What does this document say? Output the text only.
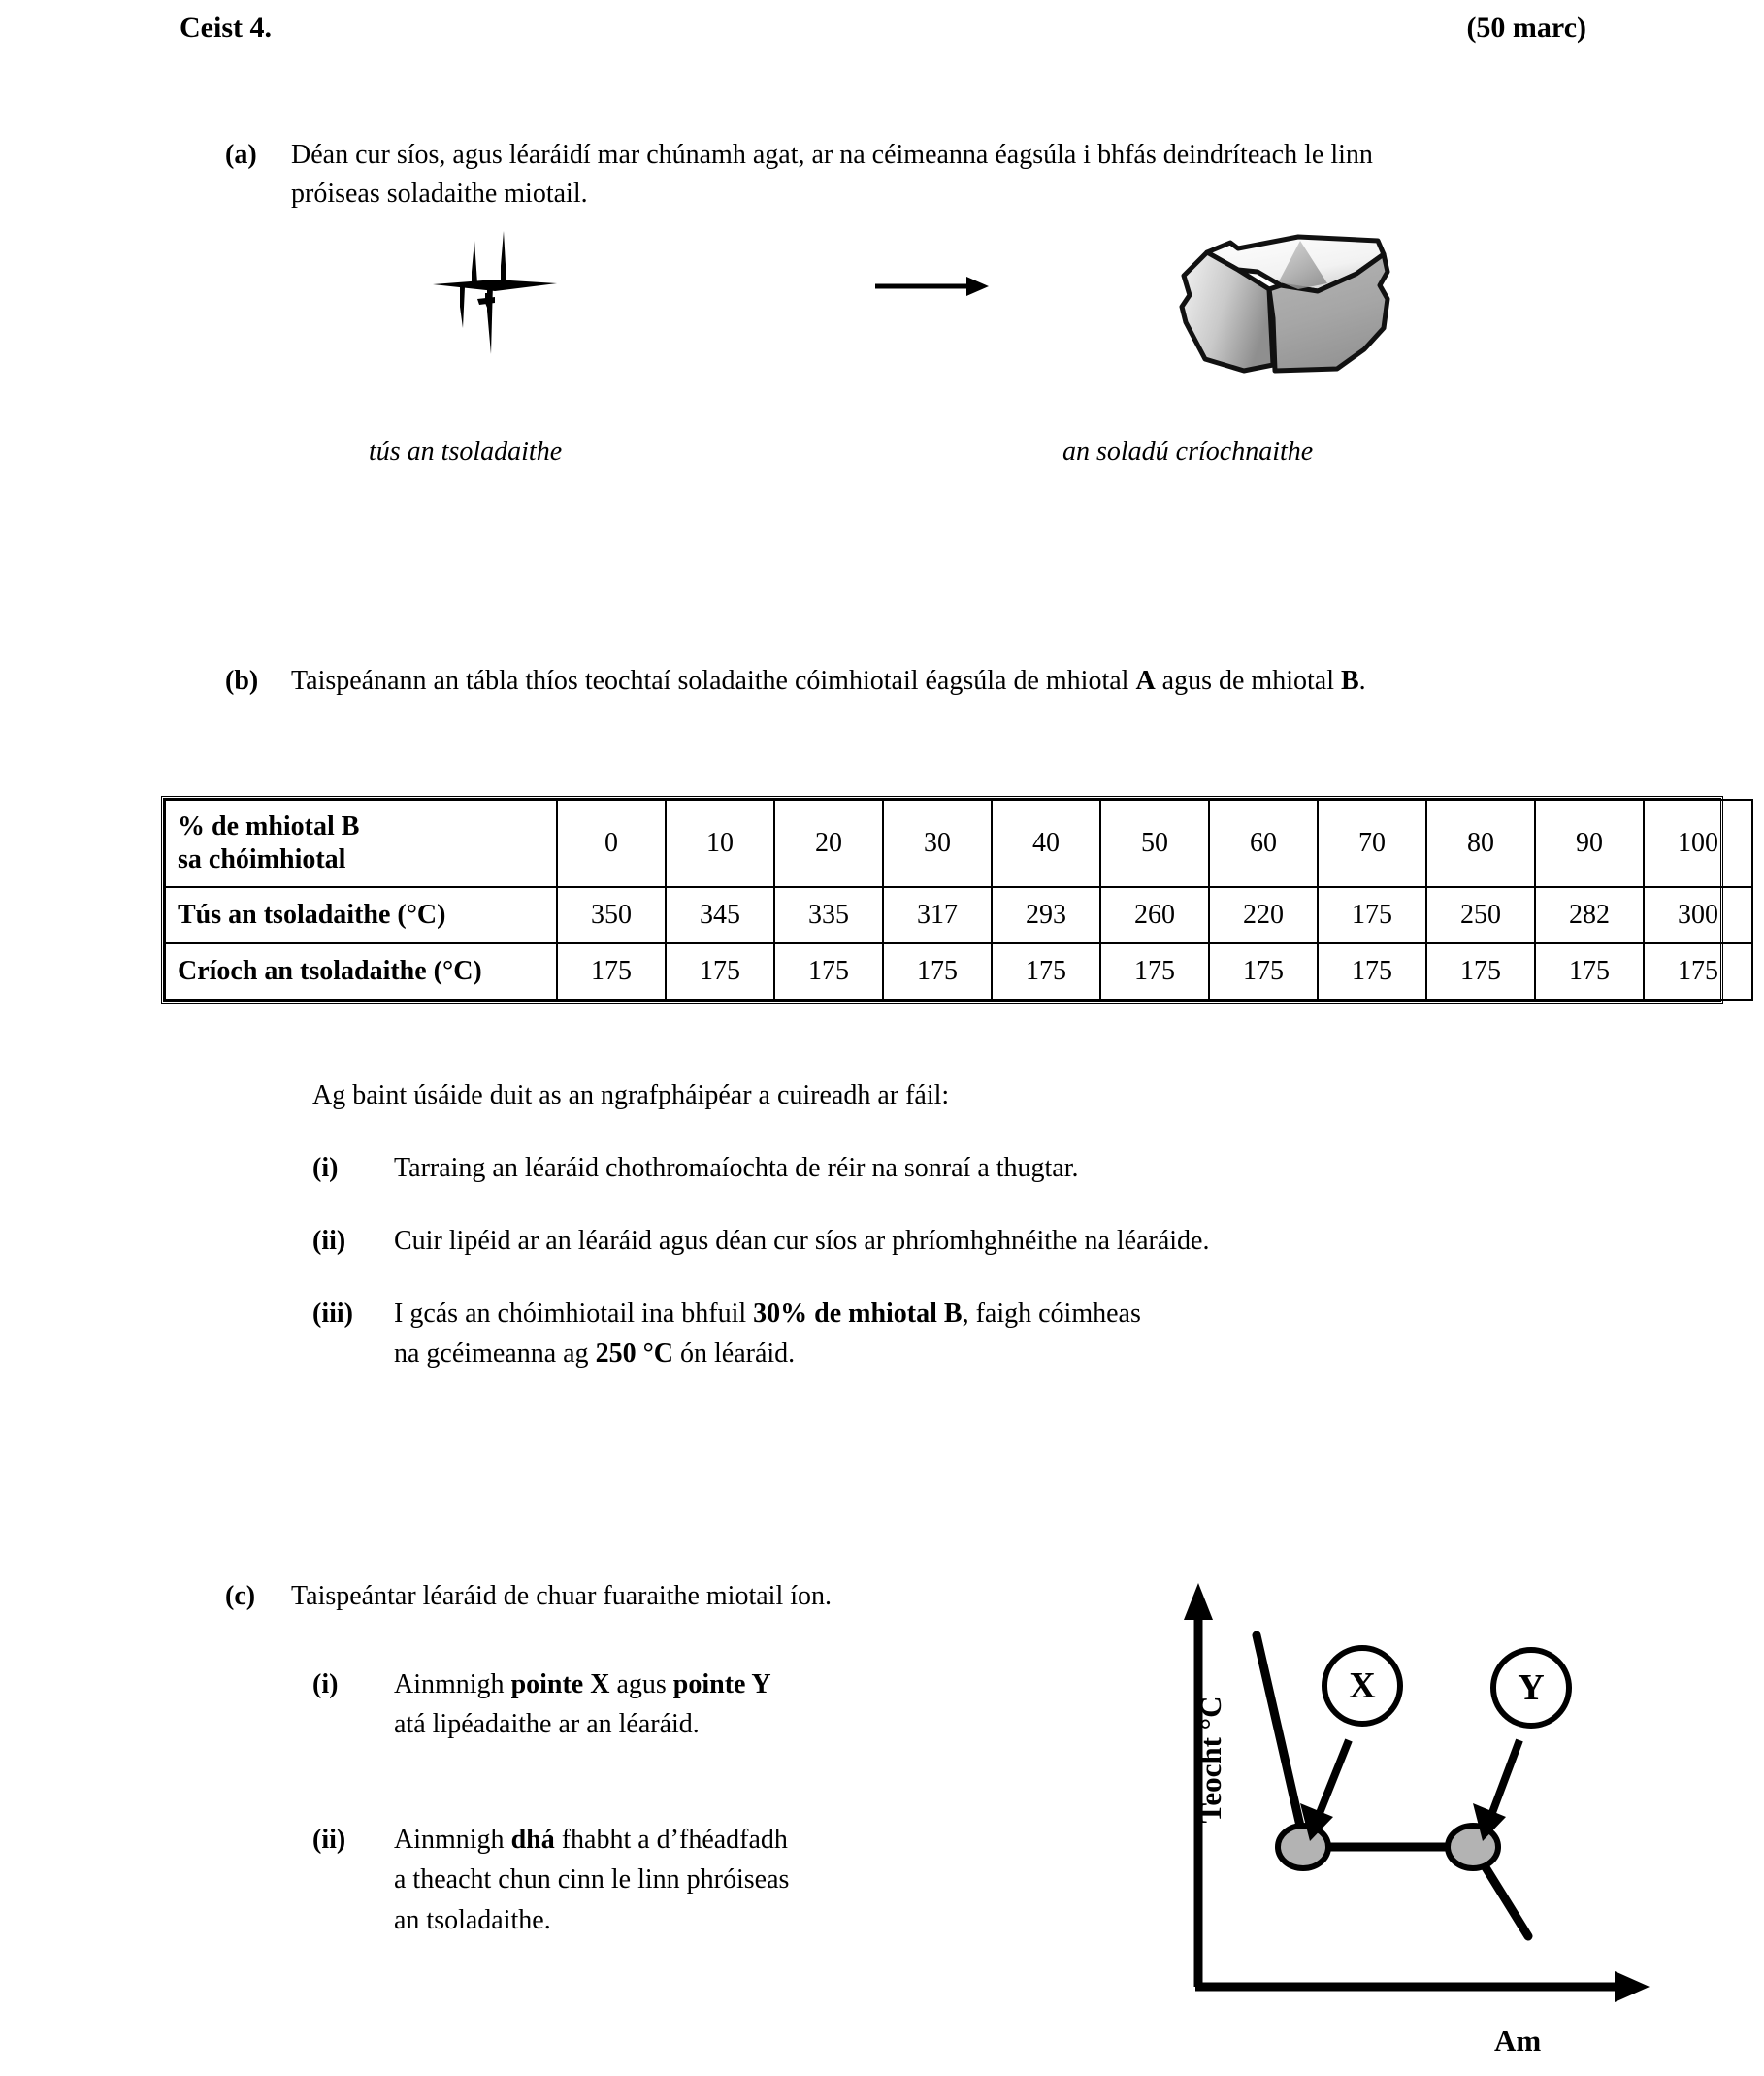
Ceist 4.	(50 marc)
(a)	Déan cur síos, agus léaráidí mar chúnamh agat, ar na céimeanna éagsúla i bhfás deindríteach le linn próiseas soladaithe miotail.
tús an tsoladaithe	an soladú críochnaithe
(b)	Taispeánann an tábla thíos teochtaí soladaithe cóimhiotail éagsúla de mhiotal A agus de mhiotal B.
% de mhiotal B
sa chóimhiotal	0	10	20	30	40	50	60	70	80	90	100
Tús an tsoladaithe (°C)	350	345	335	317	293	260	220	175	250	282	300
Críoch an tsoladaithe (°C)	175	175	175	175	175	175	175	175	175	175	175
Ag baint úsáide duit as an ngrafpháipéar a cuireadh ar fáil:
(i)	Tarraing an léaráid chothromaíochta de réir na sonraí a thugtar.
(ii)	Cuir lipéid ar an léaráid agus déan cur síos ar phríomhghnéithe na léaráide.
(iii)	I gcás an chóimhiotail ina bhfuil 30% de mhiotal B, faigh cóimheas
na gcéimeanna ag 250 °C ón léaráid.
(c)	Taispeántar léaráid de chuar fuaraithe miotail íon.
(i)	Ainmnigh pointe X agus pointe Y
atá lipéadaithe ar an léaráid.
(ii)	Ainmnigh dhá fhabht a d’fhéadfadh
a theacht chun cinn le linn phróiseas
an tsoladaithe.
X	Y
Teocht °C
Am
